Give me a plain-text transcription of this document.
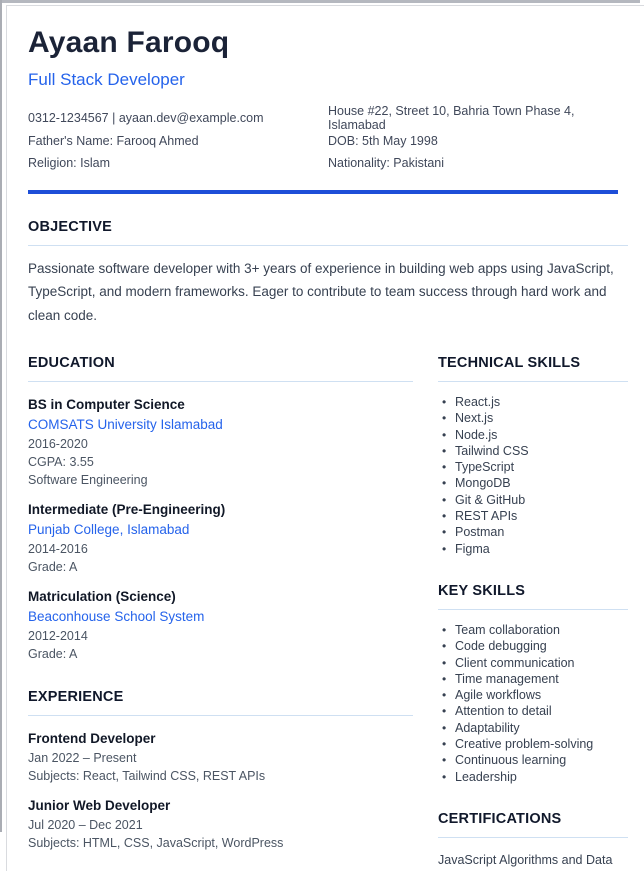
Ayaan Farooq
Full Stack Developer
0312-1234567 | ayaan.dev@example.com
Father's Name: Farooq Ahmed
Religion: Islam
House #22, Street 10, Bahria Town Phase 4, Islamabad
DOB: 5th May 1998
Nationality: Pakistani
OBJECTIVE

Passionate software developer with 3+ years of experience in building web apps using JavaScript, TypeScript, and modern frameworks. Eager to contribute to team success through hard work and clean code.

EDUCATION
BS in Computer Science
COMSATS University Islamabad
2016-2020
CGPA: 3.55
Software Engineering
Intermediate (Pre-Engineering)
Punjab College, Islamabad
2014-2016
Grade: A
Matriculation (Science)
Beaconhouse School System
2012-2014
Grade: A
EXPERIENCE
Frontend Developer
Jan 2022 – Present
Subjects: React, Tailwind CSS, REST APIs
Junior Web Developer
Jul 2020 – Dec 2021
Subjects: HTML, CSS, JavaScript, WordPress
TECHNICAL SKILLS
• React.js
• Next.js
• Node.js
• Tailwind CSS
• TypeScript
• MongoDB
• Git & GitHub
• REST APIs
• Postman
• Figma
KEY SKILLS
• Team collaboration
• Code debugging
• Client communication
• Time management
• Agile workflows
• Attention to detail
• Adaptability
• Creative problem-solving
• Continuous learning
• Leadership
CERTIFICATIONS
JavaScript Algorithms and Data
